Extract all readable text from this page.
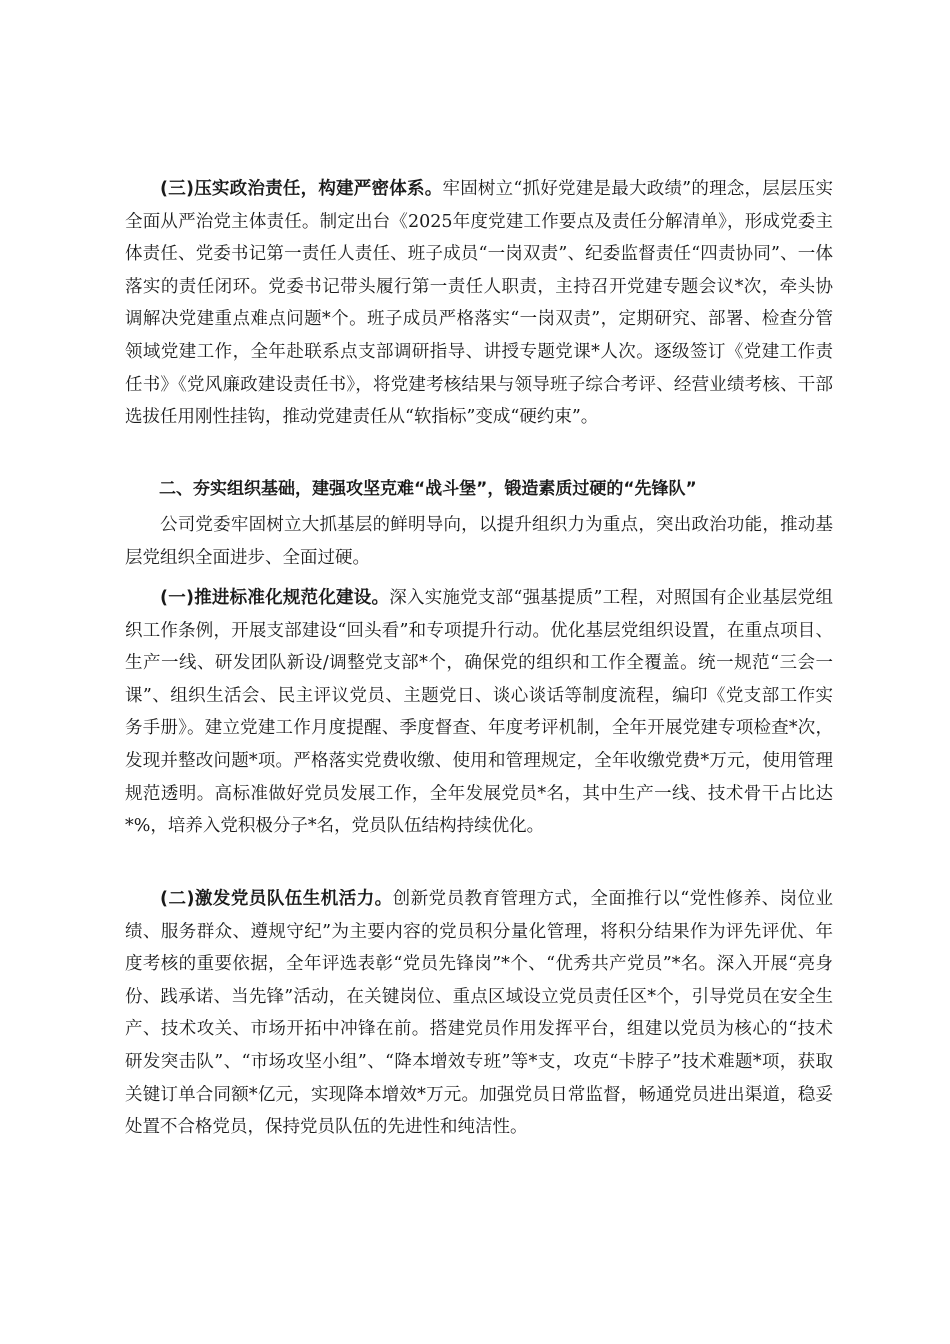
(三)压实政治责任，构建严密体系。牢固树立“抓好党建是最大政绩”的理念，层层压实全面从严治党主体责任。制定出台《2025年度党建工作要点及责任分解清单》，形成党委主体责任、党委书记第一责任人责任、班子成员“一岗双责”、纪委监督责任“四责协同”、一体落实的责任闭环。党委书记带头履行第一责任人职责，主持召开党建专题会议*次，牵头协调解决党建重点难点问题*个。班子成员严格落实“一岗双责”，定期研究、部署、检查分管领域党建工作，全年赴联系点支部调研指导、讲授专题党课*人次。逐级签订《党建工作责任书》《党风廉政建设责任书》，将党建考核结果与领导班子综合考评、经营业绩考核、干部选拔任用刚性挂钩，推动党建责任从“软指标”变成“硬约束”。

二、夯实组织基础，建强攻坚克难“战斗堡”，锻造素质过硬的“先锋队”

公司党委牢固树立大抓基层的鲜明导向，以提升组织力为重点，突出政治功能，推动基层党组织全面进步、全面过硬。

(一)推进标准化规范化建设。深入实施党支部“强基提质”工程，对照国有企业基层党组织工作条例，开展支部建设“回头看”和专项提升行动。优化基层党组织设置，在重点项目、生产一线、研发团队新设/调整党支部*个，确保党的组织和工作全覆盖。统一规范“三会一课”、组织生活会、民主评议党员、主题党日、谈心谈话等制度流程，编印《党支部工作实务手册》。建立党建工作月度提醒、季度督查、年度考评机制，全年开展党建专项检查*次，发现并整改问题*项。严格落实党费收缴、使用和管理规定，全年收缴党费*万元，使用管理规范透明。高标准做好党员发展工作，全年发展党员*名，其中生产一线、技术骨干占比达*%，培养入党积极分子*名，党员队伍结构持续优化。

(二)激发党员队伍生机活力。创新党员教育管理方式，全面推行以“党性修养、岗位业绩、服务群众、遵规守纪”为主要内容的党员积分量化管理，将积分结果作为评先评优、年度考核的重要依据，全年评选表彰“党员先锋岗”*个、“优秀共产党员”*名。深入开展“亮身份、践承诺、当先锋”活动，在关键岗位、重点区域设立党员责任区*个，引导党员在安全生产、技术攻关、市场开拓中冲锋在前。搭建党员作用发挥平台，组建以党员为核心的“技术研发突击队”、“市场攻坚小组”、“降本增效专班”等*支，攻克“卡脖子”技术难题*项，获取关键订单合同额*亿元，实现降本增效*万元。加强党员日常监督，畅通党员进出渠道，稳妥处置不合格党员，保持党员队伍的先进性和纯洁性。
